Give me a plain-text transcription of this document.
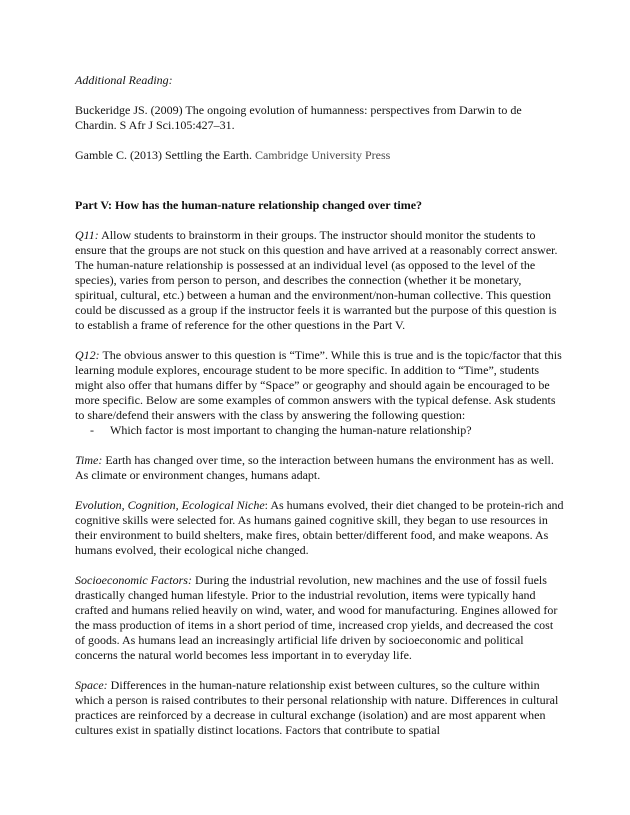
Additional Reading:

Buckeridge JS. (2009) The ongoing evolution of humanness: perspectives from Darwin to de Chardin. S Afr J Sci.105:427–31.

Gamble C. (2013) Settling the Earth. Cambridge University Press

Part V: How has the human-nature relationship changed over time?

Q11: Allow students to brainstorm in their groups. The instructor should monitor the students to ensure that the groups are not stuck on this question and have arrived at a reasonably correct answer. The human-nature relationship is possessed at an individual level (as opposed to the level of the species), varies from person to person, and describes the connection (whether it be monetary, spiritual, cultural, etc.) between a human and the environment/non-human collective. This question could be discussed as a group if the instructor feels it is warranted but the purpose of this question is to establish a frame of reference for the other questions in the Part V.

Q12: The obvious answer to this question is “Time”. While this is true and is the topic/factor that this learning module explores, encourage student to be more specific. In addition to “Time”, students might also offer that humans differ by “Space” or geography and should again be encouraged to be more specific. Below are some examples of common answers with the typical defense. Ask students to share/defend their answers with the class by answering the following question:

- Which factor is most important to changing the human-nature relationship?

Time: Earth has changed over time, so the interaction between humans the environment has as well. As climate or environment changes, humans adapt.

Evolution, Cognition, Ecological Niche: As humans evolved, their diet changed to be protein-rich and cognitive skills were selected for. As humans gained cognitive skill, they began to use resources in their environment to build shelters, make fires, obtain better/different food, and make weapons. As humans evolved, their ecological niche changed.

Socioeconomic Factors: During the industrial revolution, new machines and the use of fossil fuels drastically changed human lifestyle. Prior to the industrial revolution, items were typically hand crafted and humans relied heavily on wind, water, and wood for manufacturing. Engines allowed for the mass production of items in a short period of time, increased crop yields, and decreased the cost of goods. As humans lead an increasingly artificial life driven by socioeconomic and political concerns the natural world becomes less important in to everyday life.

Space: Differences in the human-nature relationship exist between cultures, so the culture within which a person is raised contributes to their personal relationship with nature. Differences in cultural practices are reinforced by a decrease in cultural exchange (isolation) and are most apparent when cultures exist in spatially distinct locations. Factors that contribute to spatial
